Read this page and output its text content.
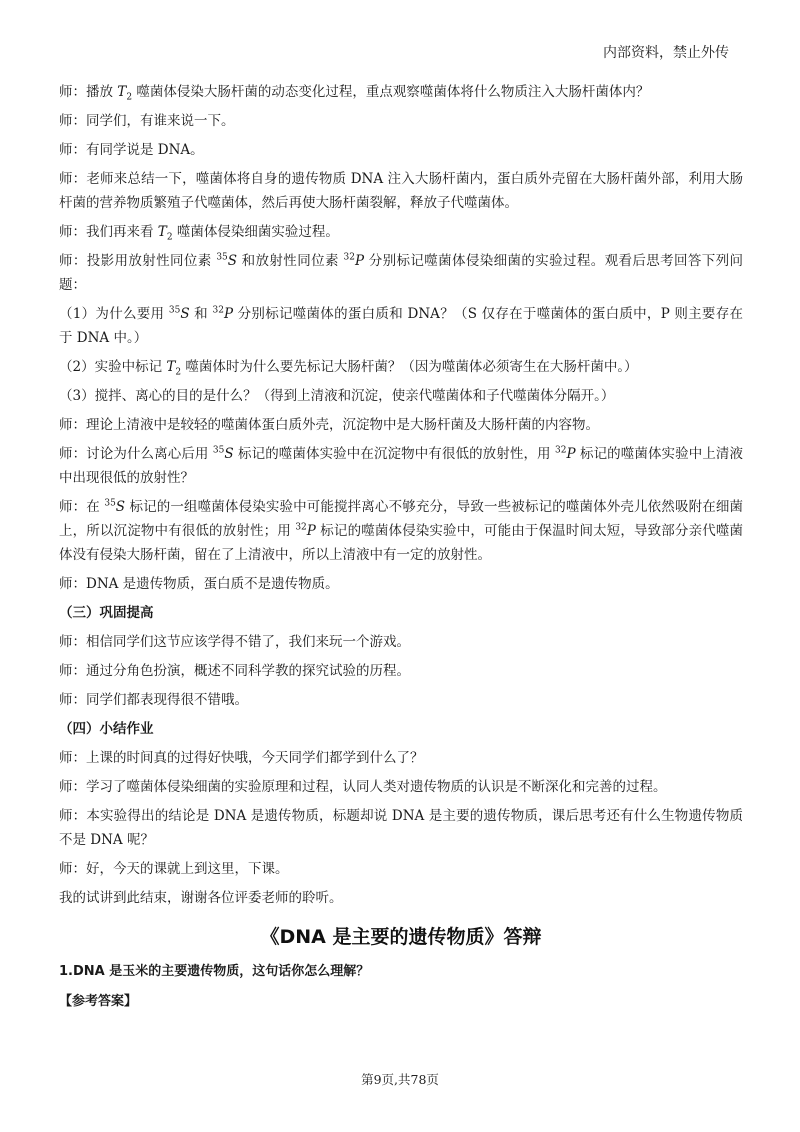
内部资料，禁止外传

师：播放 $T_2$ 噬菌体侵染大肠杆菌的动态变化过程，重点观察噬菌体将什么物质注入大肠杆菌体内？

师：同学们，有谁来说一下。

师：有同学说是 DNA。

师：老师来总结一下，噬菌体将自身的遗传物质 DNA 注入大肠杆菌内，蛋白质外壳留在大肠杆菌外部，利用大肠杆菌的营养物质繁殖子代噬菌体，然后再使大肠杆菌裂解，释放子代噬菌体。

师：我们再来看 $T_2$ 噬菌体侵染细菌实验过程。

师：投影用放射性同位素 $^{35}$S 和放射性同位素 $^{32}$P 分别标记噬菌体侵染细菌的实验过程。观看后思考回答下列问题：

（1）为什么要用 $^{35}$S 和 $^{32}$P 分别标记噬菌体的蛋白质和 DNA？（S 仅存在于噬菌体的蛋白质中，P 则主要存在于 DNA 中。）

（2）实验中标记 $T_2$ 噬菌体时为什么要先标记大肠杆菌？（因为噬菌体必须寄生在大肠杆菌中。）

（3）搅拌、离心的目的是什么？（得到上清液和沉淀，使亲代噬菌体和子代噬菌体分隔开。）

师：理论上清液中是较轻的噬菌体蛋白质外壳，沉淀物中是大肠杆菌及大肠杆菌的内容物。

师：讨论为什么离心后用 $^{35}$S 标记的噬菌体实验中在沉淀物中有很低的放射性，用 $^{32}$P 标记的噬菌体实验中上清液中出现很低的放射性？

师：在 $^{35}$S 标记的一组噬菌体侵染实验中可能搅拌离心不够充分，导致一些被标记的噬菌体外壳儿依然吸附在细菌上，所以沉淀物中有很低的放射性；用 $^{32}$P 标记的噬菌体侵染实验中，可能由于保温时间太短，导致部分亲代噬菌体没有侵染大肠杆菌，留在了上清液中，所以上清液中有一定的放射性。

师：DNA 是遗传物质，蛋白质不是遗传物质。

（三）巩固提高

师：相信同学们这节应该学得不错了，我们来玩一个游戏。

师：通过分角色扮演，概述不同科学教的探究试验的历程。

师：同学们都表现得很不错哦。

（四）小结作业

师：上课的时间真的过得好快哦，今天同学们都学到什么了？

师：学习了噬菌体侵染细菌的实验原理和过程，认同人类对遗传物质的认识是不断深化和完善的过程。

师：本实验得出的结论是 DNA 是遗传物质，标题却说 DNA 是主要的遗传物质，课后思考还有什么生物遗传物质不是 DNA 呢？

师：好，今天的课就上到这里，下课。

我的试讲到此结束，谢谢各位评委老师的聆听。

《DNA 是主要的遗传物质》答辩
1.DNA 是玉米的主要遗传物质，这句话你怎么理解？
【参考答案】
第9页,共78页
